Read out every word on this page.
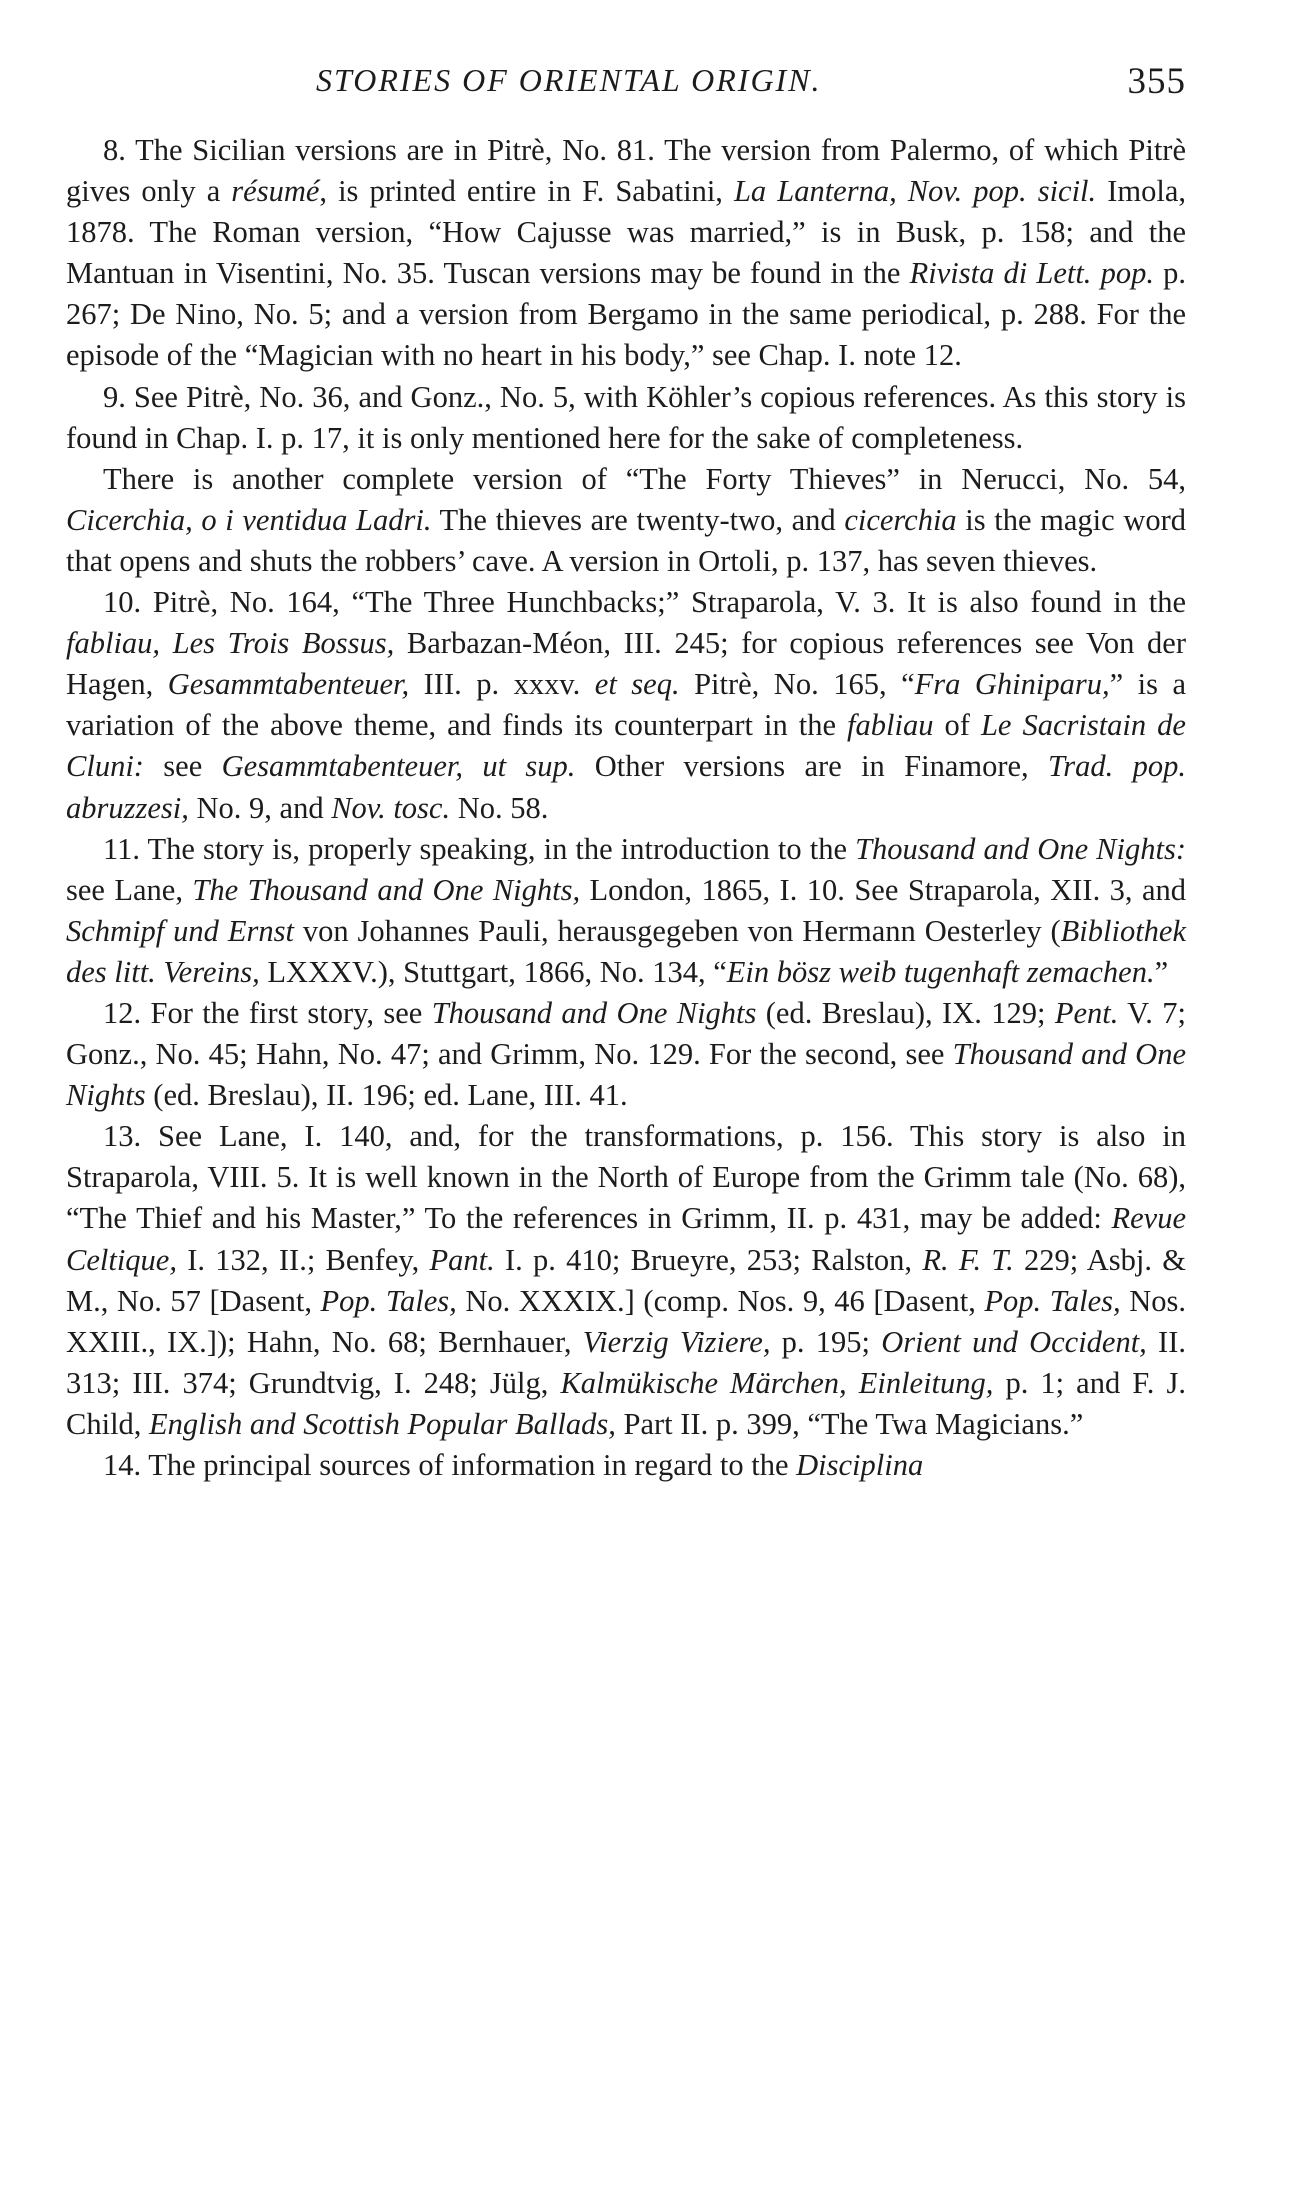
STORIES OF ORIENTAL ORIGIN.	355

8. The Sicilian versions are in Pitrè, No. 81. The version from Palermo, of which Pitrè gives only a résumé, is printed entire in F. Sabatini, La Lanterna, Nov. pop. sicil. Imola, 1878. The Roman version, “How Cajusse was married,” is in Busk, p. 158; and the Mantuan in Visentini, No. 35. Tuscan versions may be found in the Rivista di Lett. pop. p. 267; De Nino, No. 5; and a version from Bergamo in the same periodical, p. 288. For the episode of the “Magician with no heart in his body,” see Chap. I. note 12.

9. See Pitrè, No. 36, and Gonz., No. 5, with Köhler’s copious references. As this story is found in Chap. I. p. 17, it is only mentioned here for the sake of completeness.

There is another complete version of “The Forty Thieves” in Nerucci, No. 54, Cicerchia, o i ventidua Ladri. The thieves are twenty-two, and cicerchia is the magic word that opens and shuts the robbers’ cave. A version in Ortoli, p. 137, has seven thieves.

10. Pitrè, No. 164, “The Three Hunchbacks;” Straparola, V. 3. It is also found in the fabliau, Les Trois Bossus, Barbazan-Méon, III. 245; for copious references see Von der Hagen, Gesammtabenteuer, III. p. xxxv. et seq. Pitrè, No. 165, “Fra Ghiniparu,” is a variation of the above theme, and finds its counterpart in the fabliau of Le Sacristain de Cluni: see Gesammtabenteuer, ut sup. Other versions are in Finamore, Trad. pop. abruzzesi, No. 9, and Nov. tosc. No. 58.

11. The story is, properly speaking, in the introduction to the Thousand and One Nights: see Lane, The Thousand and One Nights, London, 1865, I. 10. See Straparola, XII. 3, and Schmipf und Ernst von Johannes Pauli, herausgegeben von Hermann Oesterley (Bibliothek des litt. Vereins, LXXXV.), Stuttgart, 1866, No. 134, “Ein bösz weib tugenhaft zemachen.”

12. For the first story, see Thousand and One Nights (ed. Breslau), IX. 129; Pent. V. 7; Gonz., No. 45; Hahn, No. 47; and Grimm, No. 129. For the second, see Thousand and One Nights (ed. Breslau), II. 196; ed. Lane, III. 41.

13. See Lane, I. 140, and, for the transformations, p. 156. This story is also in Straparola, VIII. 5. It is well known in the North of Europe from the Grimm tale (No. 68), “The Thief and his Master,” To the references in Grimm, II. p. 431, may be added: Revue Celtique, I. 132, II.; Benfey, Pant. I. p. 410; Brueyre, 253; Ralston, R. F. T. 229; Asbj. & M., No. 57 [Dasent, Pop. Tales, No. XXXIX.] (comp. Nos. 9, 46 [Dasent, Pop. Tales, Nos. XXIII., IX.]); Hahn, No. 68; Bernhauer, Vierzig Viziere, p. 195; Orient und Occident, II. 313; III. 374; Grundtvig, I. 248; Jülg, Kalmükische Märchen, Einleitung, p. 1; and F. J. Child, English and Scottish Popular Ballads, Part II. p. 399, “The Twa Magicians.”

14. The principal sources of information in regard to the Disciplina
